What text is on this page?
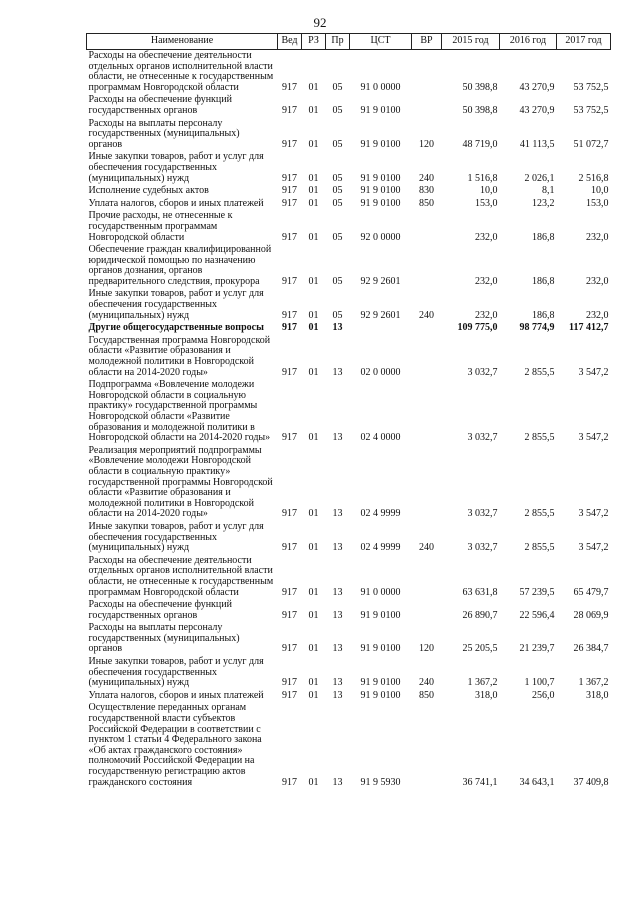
92
Наименование	Вед	РЗ	Пр	ЦСТ	ВР	2015 год	2016 год	2017 год
Расходы на обеспечение деятельности отдельных органов исполнительной власти области, не отнесенные к государственным программам Новгородской области	917	01	05	91 0 0000		50 398,8	43 270,9	53 752,5
Расходы на обеспечение функций государственных органов	917	01	05	91 9 0100		50 398,8	43 270,9	53 752,5
Расходы на выплаты персоналу государственных (муниципальных) органов	917	01	05	91 9 0100	120	48 719,0	41 113,5	51 072,7
Иные закупки товаров, работ и услуг для обеспечения государственных (муниципальных) нужд	917	01	05	91 9 0100	240	1 516,8	2 026,1	2 516,8
Исполнение судебных актов	917	01	05	91 9 0100	830	10,0	8,1	10,0
Уплата налогов, сборов и иных платежей	917	01	05	91 9 0100	850	153,0	123,2	153,0
Прочие расходы, не отнесенные к государственным программам Новгородской области	917	01	05	92 0 0000		232,0	186,8	232,0
Обеспечение граждан квалифицированной юридической помощью по назначению органов дознания, органов предварительного следствия, прокурора	917	01	05	92 9 2601		232,0	186,8	232,0
Иные закупки товаров, работ и услуг для обеспечения государственных (муниципальных) нужд	917	01	05	92 9 2601	240	232,0	186,8	232,0
Другие общегосударственные вопросы	917	01	13			109 775,0	98 774,9	117 412,7
Государственная программа Новгородской области «Развитие образования и молодежной политики в Новгородской области на 2014-2020 годы»	917	01	13	02 0 0000		3 032,7	2 855,5	3 547,2
Подпрограмма «Вовлечение молодежи Новгородской области в социальную практику» государственной программы Новгородской области «Развитие образования и молодежной политики в Новгородской области на 2014-2020 годы»	917	01	13	02 4 0000		3 032,7	2 855,5	3 547,2
Реализация мероприятий подпрограммы «Вовлечение молодежи Новгородской области в социальную практику» государственной программы Новгородской области «Развитие образования и молодежной политики в Новгородской области на 2014-2020 годы»	917	01	13	02 4 9999		3 032,7	2 855,5	3 547,2
Иные закупки товаров, работ и услуг для обеспечения государственных (муниципальных) нужд	917	01	13	02 4 9999	240	3 032,7	2 855,5	3 547,2
Расходы на обеспечение деятельности отдельных органов исполнительной власти области, не отнесенные к государственным программам Новгородской области	917	01	13	91 0 0000		63 631,8	57 239,5	65 479,7
Расходы на обеспечение функций государственных органов	917	01	13	91 9 0100		26 890,7	22 596,4	28 069,9
Расходы на выплаты персоналу государственных (муниципальных) органов	917	01	13	91 9 0100	120	25 205,5	21 239,7	26 384,7
Иные закупки товаров, работ и услуг для обеспечения государственных (муниципальных) нужд	917	01	13	91 9 0100	240	1 367,2	1 100,7	1 367,2
Уплата налогов, сборов и иных платежей	917	01	13	91 9 0100	850	318,0	256,0	318,0
Осуществление переданных органам государственной власти субъектов Российской Федерации в соответствии с пунктом 1 статьи 4 Федерального закона «Об актах гражданского состояния» полномочий Российской Федерации на государственную регистрацию актов гражданского состояния	917	01	13	91 9 5930		36 741,1	34 643,1	37 409,8
